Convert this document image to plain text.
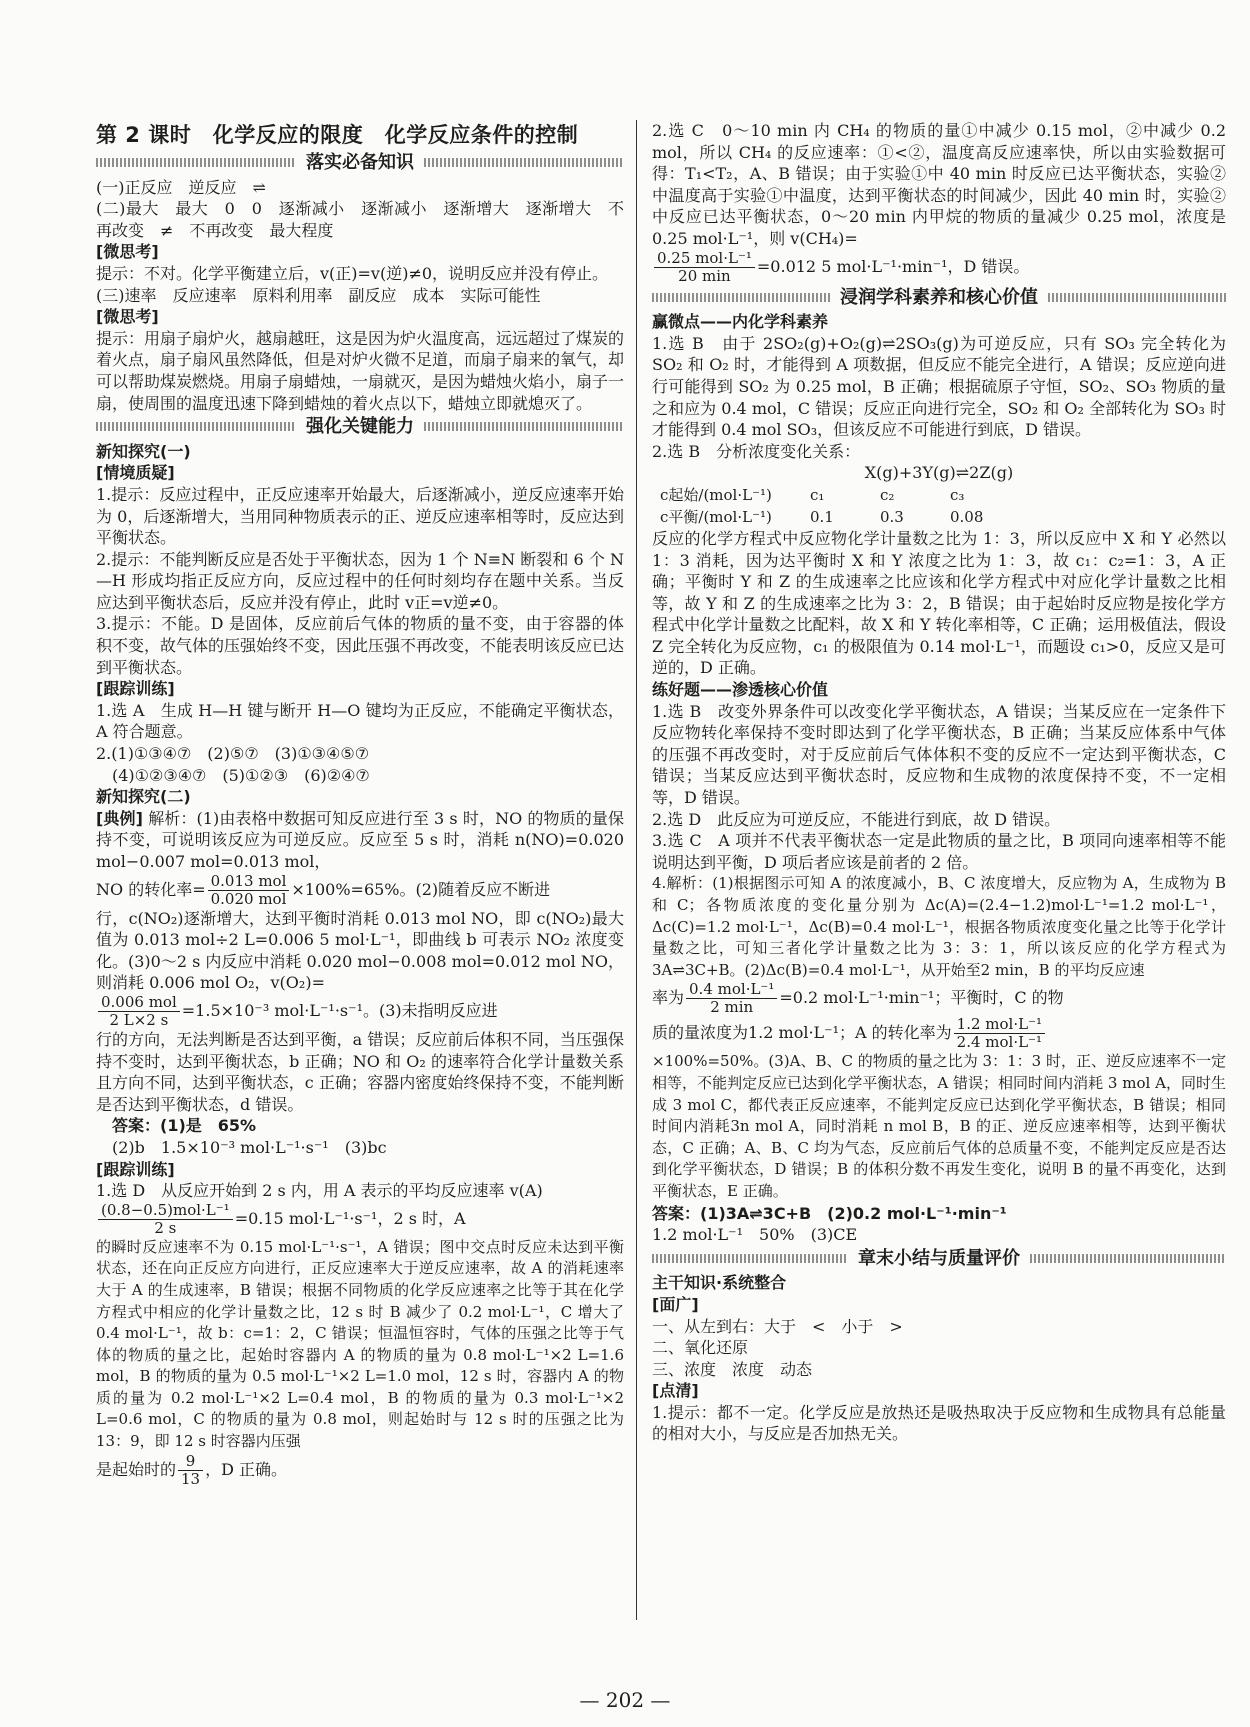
第 2 课时　化学反应的限度　化学反应条件的控制
落实必备知识

(一)正反应　逆反应　⇌

(二)最大　最大　0　0　逐渐减小　逐渐减小　逐渐增大　逐渐增大　不再改变　≠　不再改变　最大程度

[微思考]

提示：不对。化学平衡建立后，v(正)=v(逆)≠0，说明反应并没有停止。

(三)速率　反应速率　原料利用率　副反应　成本　实际可能性

[微思考]

提示：用扇子扇炉火，越扇越旺，这是因为炉火温度高，远远超过了煤炭的着火点，扇子扇风虽然降低，但是对炉火微不足道，而扇子扇来的氧气，却可以帮助煤炭燃烧。用扇子扇蜡烛，一扇就灭，是因为蜡烛火焰小，扇子一扇，使周围的温度迅速下降到蜡烛的着火点以下，蜡烛立即就熄灭了。

强化关键能力

新知探究(一)

[情境质疑]

1.提示：反应过程中，正反应速率开始最大，后逐渐减小，逆反应速率开始为 0，后逐渐增大，当用同种物质表示的正、逆反应速率相等时，反应达到平衡状态。

2.提示：不能判断反应是否处于平衡状态，因为 1 个 N≡N 断裂和 6 个 N—H 形成均指正反应方向，反应过程中的任何时刻均存在题中关系。当反应达到平衡状态后，反应并没有停止，此时 v正=v逆≠0。

3.提示：不能。D 是固体，反应前后气体的物质的量不变，由于容器的体积不变，故气体的压强始终不变，因此压强不再改变，不能表明该反应已达到平衡状态。

[跟踪训练]

1.选 A　生成 H—H 键与断开 H—O 键均为正反应，不能确定平衡状态，A 符合题意。

2.(1)①③④⑦　(2)⑤⑦　(3)①③④⑤⑦

(4)①②③④⑦　(5)①②③　(6)②④⑦

新知探究(二)

[典例] 解析：(1)由表格中数据可知反应进行至 3 s 时，NO 的物质的量保持不变，可说明该反应为可逆反应。反应至 5 s 时，消耗 n(NO)=0.020 mol−0.007 mol=0.013 mol，

NO 的转化率= $\frac{\text{0.013 mol}}{\text{0.020 mol}} \times 100\%=65\%$。(2)随着反应不断进

行，c(NO₂)逐渐增大，达到平衡时消耗 0.013 mol NO，即 c(NO₂)最大值为 0.013 mol÷2 L=0.006 5 mol·L⁻¹，即曲线 b 可表示 NO₂ 浓度变化。(3)0～2 s 内反应中消耗 0.020 mol−0.008 mol=0.012 mol NO，则消耗 0.006 mol O₂，v(O₂)=

$\frac{\text{0.006 mol}}{2 L\times 2 s} =1.5\times 10^{-3}$ mol·L⁻¹·s⁻¹。(3)未指明反应进

行的方向，无法判断是否达到平衡，a 错误；反应前后体积不同，当压强保持不变时，达到平衡状态，b 正确；NO 和 O₂ 的速率符合化学计量数关系且方向不同，达到平衡状态，c 正确；容器内密度始终保持不变，不能判断是否达到平衡状态，d 错误。

答案：(1)是　65%

(2)b　1.5×10⁻³ mol·L⁻¹·s⁻¹　(3)bc

[跟踪训练]

1.选 D　从反应开始到 2 s 内，用 A 表示的平均反应速率 v(A)

$\frac{\text{(0.8−0.5)mol·L⁻¹}}{2 s} =0.15$ mol·L⁻¹·s⁻¹，2 s 时，A

的瞬时反应速率不为 0.15 mol·L⁻¹·s⁻¹，A 错误；图中交点时反应未达到平衡状态，还在向正反应方向进行，正反应速率大于逆反应速率，故 A 的消耗速率大于 A 的生成速率，B 错误；根据不同物质的化学反应速率之比等于其在化学方程式中相应的化学计量数之比，12 s 时 B 减少了 0.2 mol·L⁻¹，C 增大了 0.4 mol·L⁻¹，故 b：c=1：2，C 错误；恒温恒容时，气体的压强之比等于气体的物质的量之比，起始时容器内 A 的物质的量为 0.8 mol·L⁻¹×2 L=1.6 mol，B 的物质的量为 0.5 mol·L⁻¹×2 L=1.0 mol，12 s 时，容器内 A 的物质的量为 0.2 mol·L⁻¹×2 L=0.4 mol，B 的物质的量为 0.3 mol·L⁻¹×2 L=0.6 mol，C 的物质的量为 0.8 mol，则起始时与 12 s 时的压强之比为13：9，即 12 s 时容器内压强

是起始时的 $\frac{9}{13}$ ，D 正确。

2.选 C　0～10 min 内 CH₄ 的物质的量①中减少 0.15 mol，②中减少 0.2 mol，所以 CH₄ 的反应速率：①<②，温度高反应速率快，所以由实验数据可得：T₁<T₂，A、B 错误；由于实验①中 40 min 时反应已达平衡状态，实验②中温度高于实验①中温度，达到平衡状态的时间减少，因此 40 min 时，实验②中反应已达平衡状态，0～20 min 内甲烷的物质的量减少 0.25 mol，浓度是 0.25 mol·L⁻¹，则 v(CH₄)=

$\frac{\text{0.25 mol·L⁻¹}}{20 \min} =0.012$ 5 mol·L⁻¹·min⁻¹，D 错误。

浸润学科素养和核心价值

赢微点——内化学科素养

1.选 B　由于 2SO₂(g)+O₂(g)⇌2SO₃(g)为可逆反应，只有 SO₃ 完全转化为 SO₂ 和 O₂ 时，才能得到 A 项数据，但反应不能完全进行，A 错误；反应逆向进行可能得到 SO₂ 为 0.25 mol，B 正确；根据硫原子守恒，SO₂、SO₃ 物质的量之和应为 0.4 mol，C 错误；反应正向进行完全，SO₂ 和 O₂ 全部转化为 SO₃ 时才能得到 0.4 mol SO₃，但该反应不可能进行到底，D 错误。

2.选 B　分析浓度变化关系：

X(g)+3Y(g)⇌2Z(g)

c起始/(mol·L⁻¹)	c₁	c₂	c₃
c平衡/(mol·L⁻¹)	0.1	0.3	0.08

反应的化学方程式中反应物化学计量数之比为 1：3，所以反应中 X 和 Y 必然以 1：3 消耗，因为达平衡时 X 和 Y 浓度之比为 1：3，故 c₁：c₂=1：3，A 正确；平衡时 Y 和 Z 的生成速率之比应该和化学方程式中对应化学计量数之比相等，故 Y 和 Z 的生成速率之比为 3：2，B 错误；由于起始时反应物是按化学方程式中化学计量数之比配料，故 X 和 Y 转化率相等，C 正确；运用极值法，假设 Z 完全转化为反应物，c₁ 的极限值为 0.14 mol·L⁻¹，而题设 c₁>0，反应又是可逆的，D 正确。

练好题——渗透核心价值

1.选 B　改变外界条件可以改变化学平衡状态，A 错误；当某反应在一定条件下反应物转化率保持不变时即达到了化学平衡状态，B 正确；当某反应体系中气体的压强不再改变时，对于反应前后气体体积不变的反应不一定达到平衡状态，C 错误；当某反应达到平衡状态时，反应物和生成物的浓度保持不变，不一定相等，D 错误。

2.选 D　此反应为可逆反应，不能进行到底，故 D 错误。

3.选 C　A 项并不代表平衡状态一定是此物质的量之比，B 项同向速率相等不能说明达到平衡，D 项后者应该是前者的 2 倍。

4.解析：(1)根据图示可知 A 的浓度减小，B、C 浓度增大，反应物为 A，生成物为 B 和 C；各物质浓度的变化量分别为 Δc(A)=(2.4−1.2)mol·L⁻¹=1.2 mol·L⁻¹，Δc(C)=1.2 mol·L⁻¹，Δc(B)=0.4 mol·L⁻¹，根据各物质浓度变化量之比等于化学计量数之比，可知三者化学计量数之比为 3：3：1，所以该反应的化学方程式为 3A⇌3C+B。(2)Δc(B)=0.4 mol·L⁻¹，从开始至2 min，B 的平均反应速

率为 $\frac{\text{0.4 mol·L⁻¹}}{2 \min} =0.2$ mol·L⁻¹·min⁻¹；平衡时，C 的物

质的量浓度为1.2 mol·L⁻¹；A 的转化率为 $\frac{\text{1.2 mol·L⁻¹}}{\text{2.4 mol·L⁻¹}}$

×100%=50%。(3)A、B、C 的物质的量之比为 3：1：3 时，正、逆反应速率不一定相等，不能判定反应已达到化学平衡状态，A 错误；相同时间内消耗 3 mol A，同时生成 3 mol C，都代表正反应速率，不能判定反应已达到化学平衡状态，B 错误；相同时间内消耗3n mol A，同时消耗 n mol B，B 的正、逆反应速率相等，达到平衡状态，C 正确；A、B、C 均为气态，反应前后气体的总质量不变，不能判定反应是否达到化学平衡状态，D 错误；B 的体积分数不再发生变化，说明 B 的量不再变化，达到平衡状态，E 正确。

答案：(1)3A⇌3C+B　(2)0.2 mol·L⁻¹·min⁻¹

1.2 mol·L⁻¹　50%　(3)CE

章末小结与质量评价

主干知识·系统整合

[面广]

一、从左到右：大于　<　小于　>

二、氧化还原

三、浓度　浓度　动态

[点清]

1.提示：都不一定。化学反应是放热还是吸热取决于反应物和生成物具有总能量的相对大小，与反应是否加热无关。

— 202 —
